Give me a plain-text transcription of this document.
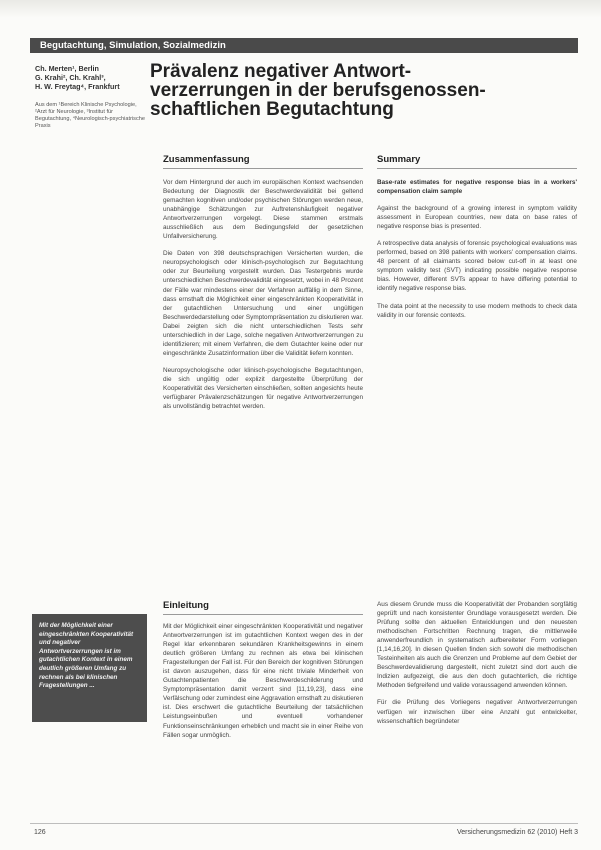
Begutachtung, Simulation, Sozialmedizin
Ch. Merten¹, Berlin
G. Krahi², Ch. Krahl³,
H. W. Freytag⁴, Frankfurt
Aus dem ¹Bereich Klinische Psychologie, ²Arzt für Neurologie, ³Institut für Begutachtung, ⁴Neurologisch-psychiatrische Praxis
Prävalenz negativer Antwort-
verzerrungen in der berufsgenossen-
schaftlichen Begutachtung
Zusammenfassung

Vor dem Hintergrund der auch im europäischen Kontext wachsenden Bedeutung der Diagnostik der Beschwerdevalidität bei geltend gemachten kognitiven und/oder psychischen Störungen werden neue, unabhängige Schätzungen zur Auftretenshäufigkeit negativer Antwortverzerrungen vorgelegt. Diese stammen erstmals ausschließlich aus dem Bedingungsfeld der gesetzlichen Unfallversicherung.

Die Daten von 398 deutschsprachigen Versicherten wurden, die neuropsychologisch oder klinisch-psychologisch zur Begutachtung oder zur Beurteilung vorgestellt wurden. Das Testergebnis wurde unterschiedlichen Beschwerdevalidität eingesetzt, wobei in 48 Prozent der Fälle war mindestens einer der Verfahren auffällig in dem Sinne, dass ernsthaft die Möglichkeit einer eingeschränkten Kooperativität in der gutachtlichen Untersuchung und einer ungültigen Beschwerdedarstellung oder Symptompräsentation zu diskutieren war. Dabei zeigten sich die nicht unterschiedlichen Tests sehr unterschiedlich in der Lage, solche negativen Antwortverzerrungen zu identifizieren; mit einem Verfahren, die dem Gutachter keine oder nur eingeschränkte Zusatzinformation über die Validität liefern konnten.

Neuropsychologische oder klinisch-psychologische Begutachtungen, die sich ungültig oder explizit dargestellte Überprüfung der Kooperativität des Versicherten einschließen, sollten angesichts heute verfügbarer Prävalenzschätzungen für negative Antwortverzerrungen als unvollständig betrachtet werden.

Summary

Base-rate estimates for negative response bias in a workers' compensation claim sample

Against the background of a growing interest in symptom validity assessment in European countries, new data on base rates of negative response bias is presented.

A retrospective data analysis of forensic psychological evaluations was performed, based on 398 patients with workers' compensation claims. 48 percent of all claimants scored below cut-off in at least one symptom validity test (SVT) indicating possible negative response bias. However, different SVTs appear to have differing potential to identify negative response bias.

The data point at the necessity to use modern methods to check data validity in our forensic contexts.

Einleitung

Mit der Möglichkeit einer eingeschränkten Kooperativität und negativer Antwortverzerrungen ist im gutachtlichen Kontext wegen des in der Regel klar erkennbaren sekundären Krankheitsgewinns in einem deutlich größeren Umfang zu rechnen als etwa bei klinischen Fragestellungen der Fall ist. Für den Bereich der kognitiven Störungen ist davon auszugehen, dass für eine nicht triviale Minderheit von Gutachtenpatienten die Beschwerdeschilderung und Symptompräsentation damit verzerrt sind [11,19,23], dass eine Verfälschung oder zumindest eine Aggravation ernsthaft zu diskutieren ist. Dies erschwert die gutachtliche Beurteilung der tatsächlichen Leistungseinbußen und eventuell vorhandener Funktionseinschränkungen erheblich und macht sie in einer Reihe von Fällen sogar unmöglich.

Aus diesem Grunde muss die Kooperativität der Probanden sorgfältig geprüft und nach konsistenter Grundlage vorausgesetzt werden. Die Prüfung sollte den aktuellen Entwicklungen und den neuesten methodischen Fortschritten Rechnung tragen, die mittlerweile anwenderfreundlich in systematisch aufbereiteter Form vorliegen [1,14,16,20]. In diesen Quellen finden sich sowohl die methodischen Testeinheiten als auch die Grenzen und Probleme auf dem Gebiet der Beschwerdevalidierung dargestellt, nicht zuletzt sind dort auch die Indizien aufgezeigt, die aus den doch gutachterlich, die richtige Methoden tiefgreifend und valide voraussagend anwenden können.

Für die Prüfung des Vorliegens negativer Antwortverzerrungen verfügen wir inzwischen über eine Anzahl gut entwickelter, wissenschaftlich begründeter

Mit der Möglichkeit einer eingeschränkten Kooperativität und negativer Antwortverzerrungen ist im gutachtlichen Kontext in einem deutlich größeren Umfang zu rechnen als bei klinischen Fragestellungen ...
126	Versicherungsmedizin 62 (2010) Heft 3
